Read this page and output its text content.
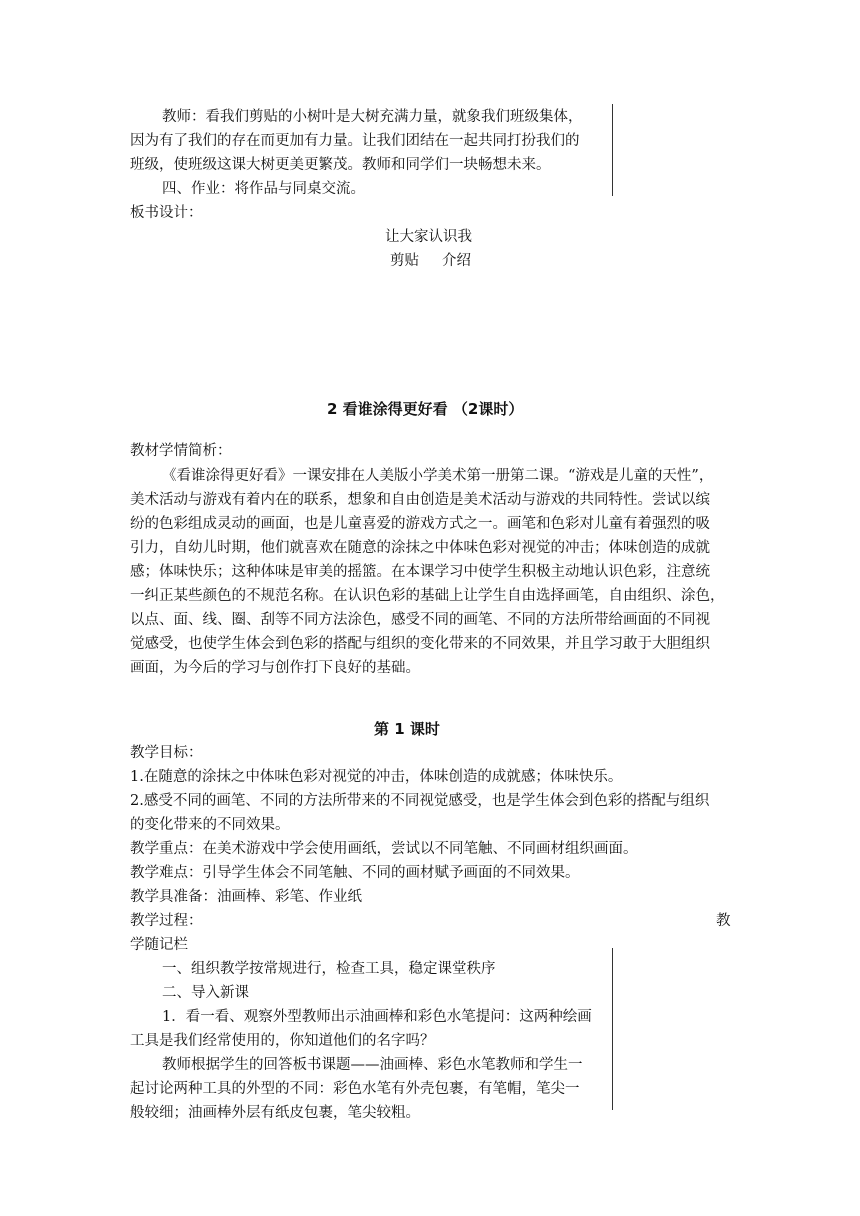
教师：看我们剪贴的小树叶是大树充满力量，就象我们班级集体，
因为有了我们的存在而更加有力量。让我们团结在一起共同打扮我们的
班级，使班级这课大树更美更繁茂。教师和同学们一块畅想未来。
四、作业：将作品与同桌交流。
板书设计：
让大家认识我
剪贴 介绍
2 看谁涂得更好看 （2课时）
教材学情简析：
《看谁涂得更好看》一课安排在人美版小学美术第一册第二课。“游戏是儿童的天性”，
美术活动与游戏有着内在的联系，想象和自由创造是美术活动与游戏的共同特性。尝试以缤
纷的色彩组成灵动的画面，也是儿童喜爱的游戏方式之一。画笔和色彩对儿童有着强烈的吸
引力，自幼儿时期，他们就喜欢在随意的涂抹之中体味色彩对视觉的冲击；体味创造的成就
感；体味快乐；这种体味是审美的摇篮。在本课学习中使学生积极主动地认识色彩，注意统
一纠正某些颜色的不规范名称。在认识色彩的基础上让学生自由选择画笔，自由组织、涂色，
以点、面、线、圈、刮等不同方法涂色，感受不同的画笔、不同的方法所带给画面的不同视
觉感受，也使学生体会到色彩的搭配与组织的变化带来的不同效果，并且学习敢于大胆组织
画面，为今后的学习与创作打下良好的基础。
第 1 课时
教学目标：
1.在随意的涂抹之中体味色彩对视觉的冲击，体味创造的成就感；体味快乐。
2.感受不同的画笔、不同的方法所带来的不同视觉感受，也是学生体会到色彩的搭配与组织
的变化带来的不同效果。
教学重点：在美术游戏中学会使用画纸，尝试以不同笔触、不同画材组织画面。
教学难点：引导学生体会不同笔触、不同的画材赋予画面的不同效果。
教学具准备：油画棒、彩笔、作业纸
教学过程：	教
学随记栏
一、组织教学按常规进行，检查工具，稳定课堂秩序
二、导入新课
1．看一看、观察外型教师出示油画棒和彩色水笔提问：这两种绘画
工具是我们经常使用的，你知道他们的名字吗？
教师根据学生的回答板书课题——油画棒、彩色水笔教师和学生一
起讨论两种工具的外型的不同：彩色水笔有外壳包裹，有笔帽，笔尖一
般较细；油画棒外层有纸皮包裹，笔尖较粗。
